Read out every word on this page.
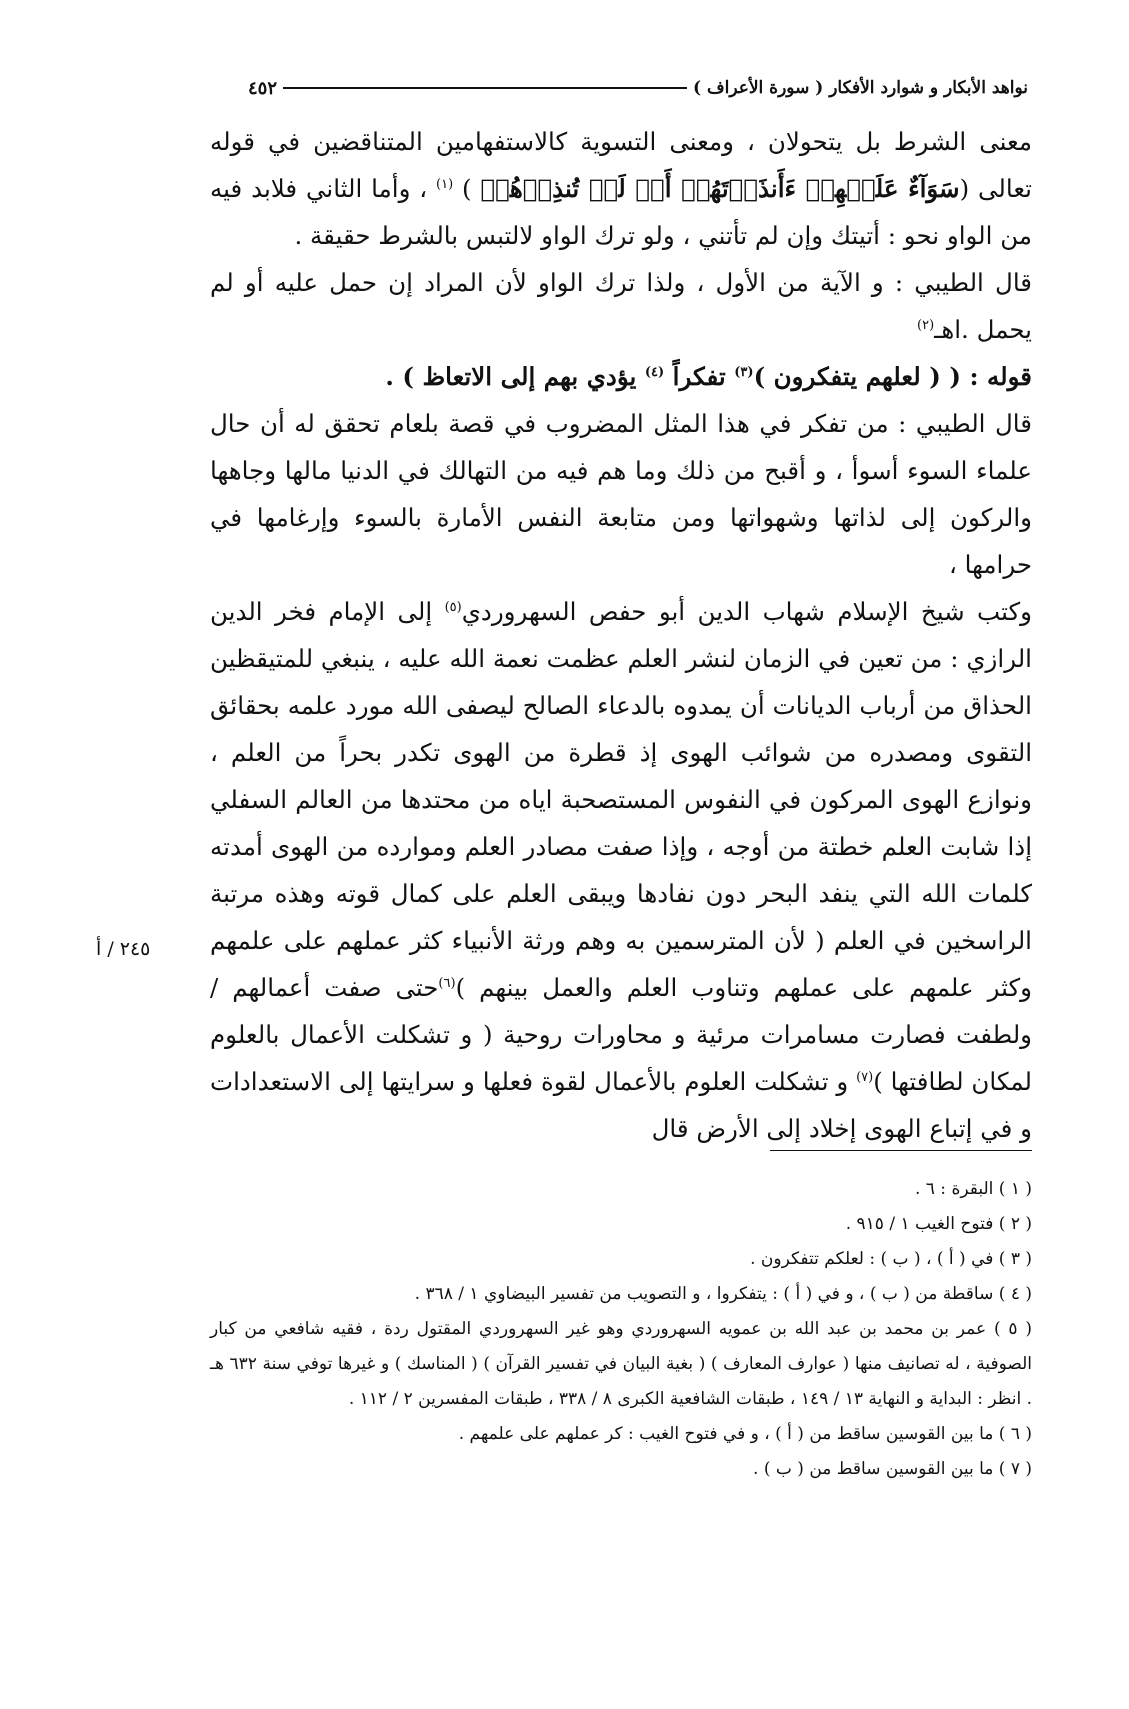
نواهد الأبكار و شوارد الأفكار ( سورة الأعراف )
٤٥٢

معنى الشرط بل يتحولان ، ومعنى التسوية كالاستفهامين المتناقضين في قوله تعالى (سَوَآءٌ عَلَيۡهِمۡ ءَأَنذَرۡتَهُمۡ أَمۡ لَمۡ تُنذِرۡهُمۡ ) $^{(١)}$ ، وأما الثاني فلابد فيه من الواو نحو : أتيتك وإن لم تأتني ، ولو ترك الواو لالتبس بالشرط حقيقة .

قال الطيبي : و الآية من الأول ، ولذا ترك الواو لأن المراد إن حمل عليه أو لم يحمل .اهـ$^{(٢)}$

قوله : ( ( لعلهم يتفكرون )$^{(٣)}$ تفكراً $^{(٤)}$ يؤدي بهم إلى الاتعاظ ) .

قال الطيبي : من تفكر في هذا المثل المضروب في قصة بلعام تحقق له أن حال علماء السوء أسوأ ، و أقبح من ذلك وما هم فيه من التهالك في الدنيا مالها وجاهها والركون إلى لذاتها وشهواتها ومن متابعة النفس الأمارة بالسوء وإرغامها في حرامها ،

وكتب شيخ الإسلام شهاب الدين أبو حفص السهروردي$^{(٥)}$ إلى الإمام فخر الدين الرازي : من تعين في الزمان لنشر العلم عظمت نعمة الله عليه ، ينبغي للمتيقظين الحذاق من أرباب الديانات أن يمدوه بالدعاء الصالح ليصفى الله مورد علمه بحقائق التقوى ومصدره من شوائب الهوى إذ قطرة من الهوى تكدر بحراً من العلم ، ونوازع الهوى المركون في النفوس المستصحبة اياه من محتدها من العالم السفلي إذا شابت العلم خطتة من أوجه ، وإذا صفت مصادر العلم وموارده من الهوى أمدته كلمات الله التي ينفد البحر دون نفادها ويبقى العلم على كمال قوته وهذه مرتبة الراسخين في العلم ( لأن المترسمين به وهم ورثة الأنبياء كثر عملهم على علمهم وكثر علمهم على عملهم وتناوب العلم والعمل بينهم )$^{(٦)}$حتى صفت أعمالهم / ولطفت فصارت مسامرات مرئية و محاورات روحية ( و تشكلت الأعمال بالعلوم لمكان لطافتها )$^{(٧)}$ و تشكلت العلوم بالأعمال لقوة فعلها و سرايتها إلى الاستعدادات و في إتباع الهوى إخلاد إلى الأرض قال

٢٤٥ / أ

( ١ ) البقرة : ٦ .

( ٢ ) فتوح الغيب ١ / ٩١٥ .

( ٣ ) في ( أ ) ، ( ب ) : لعلكم تتفكرون .

( ٤ ) ساقطة من ( ب ) ، و في ( أ ) : يتفكروا ، و التصويب من تفسير البيضاوي ١ / ٣٦٨ .

( ٥ ) عمر بن محمد بن عبد الله بن عمويه السهروردي وهو غير السهروردي المقتول ردة ، فقيه شافعي من كبار الصوفية ، له تصانيف منها ( عوارف المعارف ) ( بغية البيان في تفسير القرآن ) ( المناسك ) و غيرها توفي سنة ٦٣٢ هـ . انظر : البداية و النهاية ١٣ / ١٤٩ ، طبقات الشافعية الكبرى ٨ / ٣٣٨ ، طبقات المفسرين ٢ / ١١٢ .

( ٦ ) ما بين القوسين ساقط من ( أ ) ، و في فتوح الغيب : كر عملهم على علمهم .

( ٧ ) ما بين القوسين ساقط من ( ب ) .
